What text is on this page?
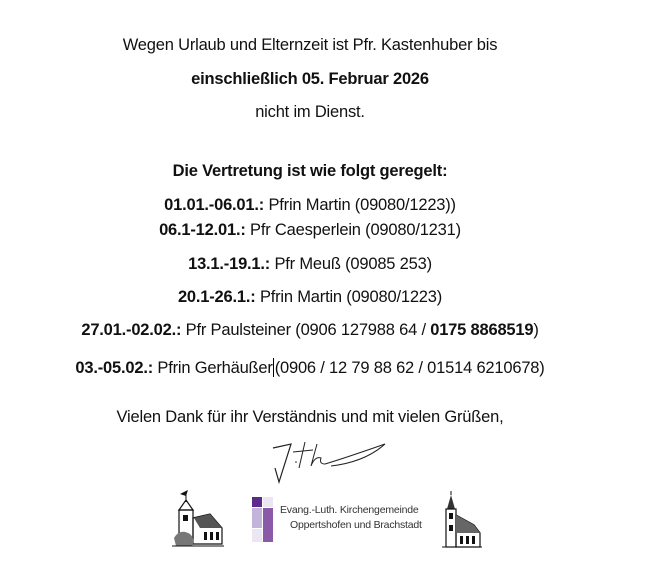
Wegen Urlaub und Elternzeit ist Pfr. Kastenhuber bis
einschließlich 05. Februar 2026
nicht im Dienst.
Die Vertretung ist wie folgt geregelt:
01.01.-06.01.: Pfrin Martin (09080/1223))
06.1-12.01.: Pfr Caesperlein (09080/1231)
13.1.-19.1.: Pfr Meuß (09085 253)
20.1-26.1.: Pfrin Martin (09080/1223)
27.01.-02.02.: Pfr Paulsteiner (0906 127988 64 / 0175 8868519)
03.-05.02.: Pfrin Gerhäußer (0906 / 12 79 88 62 / 01514 6210678)
Vielen Dank für ihr Verständnis und mit vielen Grüßen,
Evang.-Luth. Kirchengemeinde
Oppertshofen und Brachstadt
